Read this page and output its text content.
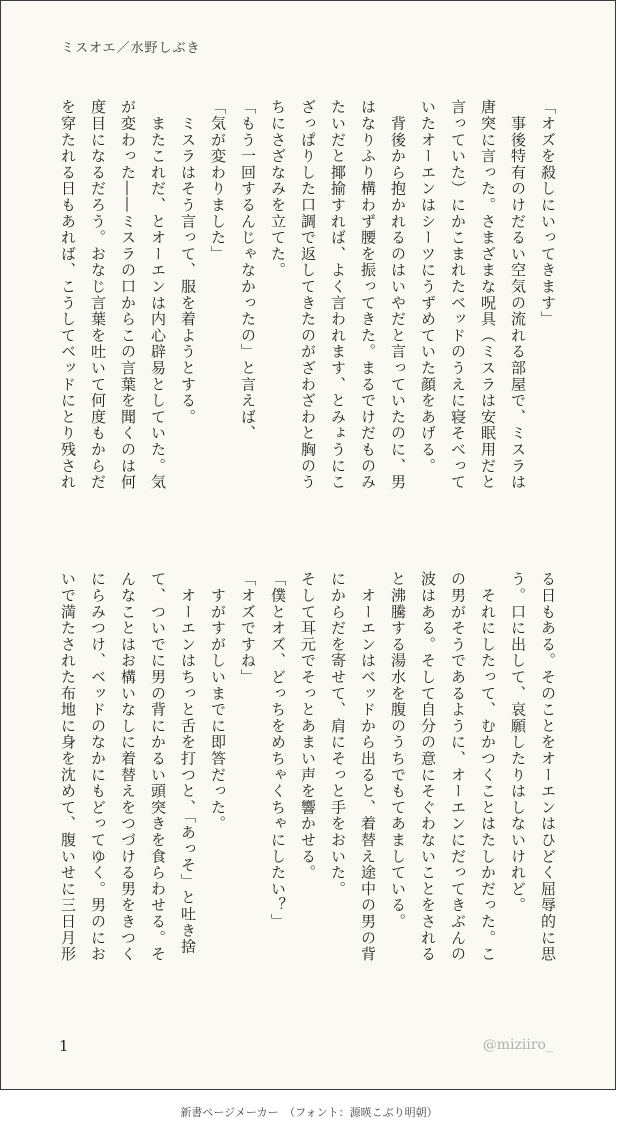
ミスオエ／水野しぶき
「オズを殺しにいってきます」
　事後特有のけだるい空気の流れる部屋で、ミスラは
唐突に言った。さまざまな呪具（ミスラは安眠用だと
言っていた）にかこまれたベッドのうえに寝そべって
いたオーエンはシーツにうずめていた顔をあげる。
　背後から抱かれるのはいやだと言っていたのに、男
はなりふり構わず腰を振ってきた。まるでけだものみ
たいだと揶揄すれば、よく言われます、とみょうにこ
ざっぱりした口調で返してきたのがざわざわと胸のう
ちにさざなみを立てた。
「もう一回するんじゃなかったの」と言えば、
「気が変わりました」
　ミスラはそう言って、服を着ようとする。
　またこれだ、とオーエンは内心辟易としていた。気
が変わった――ミスラの口からこの言葉を聞くのは何
度目になるだろう。おなじ言葉を吐いて何度もからだ
を穿たれる日もあれば、こうしてベッドにとり残され
る日もある。そのことをオーエンはひどく屈辱的に思
う。口に出して、哀願したりはしないけれど。
　それにしたって、むかつくことはたしかだった。こ
の男がそうであるように、オーエンにだってきぶんの
波はある。そして自分の意にそぐわないことをされる
と沸騰する湯水を腹のうちでもてあましている。
　オーエンはベッドから出ると、着替え途中の男の背
にからだを寄せて、肩にそっと手をおいた。
そして耳元でそっとあまい声を響かせる。
「僕とオズ、どっちをめちゃくちゃにしたい？」
「オズですね」
　すがすがしいまでに即答だった。
　オーエンはちっと舌を打つと、「あっそ」と吐き捨
て、ついでに男の背にかるい頭突きを食らわせる。そ
んなことはお構いなしに着替えをつづける男をきつく
にらみつけ、ベッドのなかにもどってゆく。男のにお
いで満たされた布地に身を沈めて、腹いせに三日月形
1	@miziiro_
新書ページメーカー　（フォント：源暎こぶり明朝）
